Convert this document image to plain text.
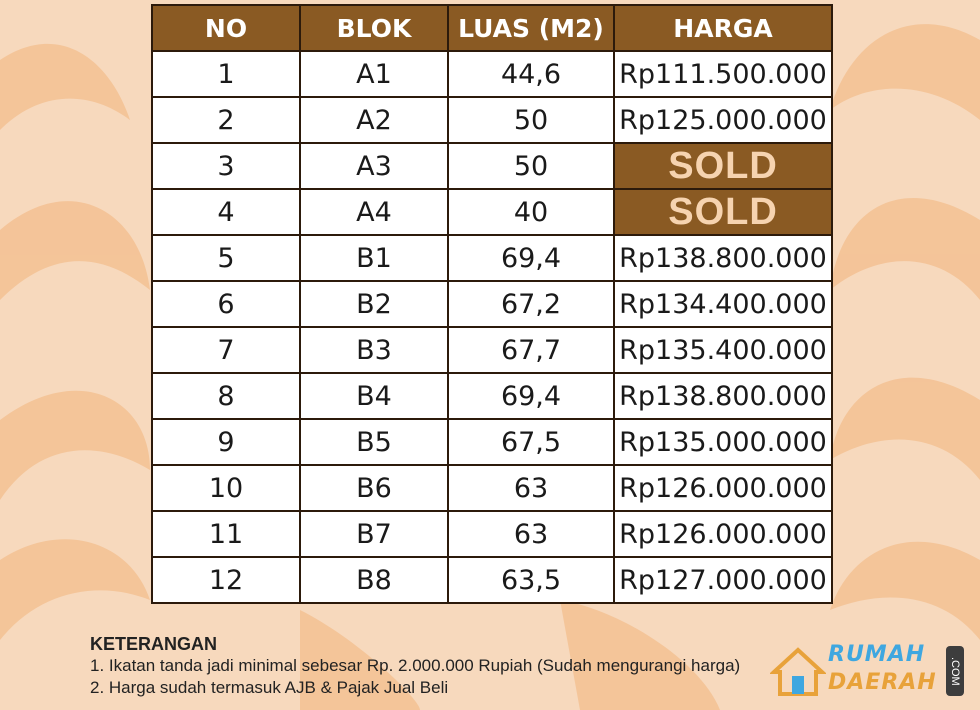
NO	BLOK	LUAS (M2)	HARGA
1	A1	44,6	Rp111.500.000
2	A2	50	Rp125.000.000
3	A3	50	SOLD
4	A4	40	SOLD
5	B1	69,4	Rp138.800.000
6	B2	67,2	Rp134.400.000
7	B3	67,7	Rp135.400.000
8	B4	69,4	Rp138.800.000
9	B5	67,5	Rp135.000.000
10	B6	63	Rp126.000.000
11	B7	63	Rp126.000.000
12	B8	63,5	Rp127.000.000
KETERANGAN
1. Ikatan tanda jadi minimal sebesar Rp. 2.000.000 Rupiah (Sudah mengurangi harga)
2. Harga sudah termasuk AJB & Pajak Jual Beli
RUMAH
DAERAH .COM
